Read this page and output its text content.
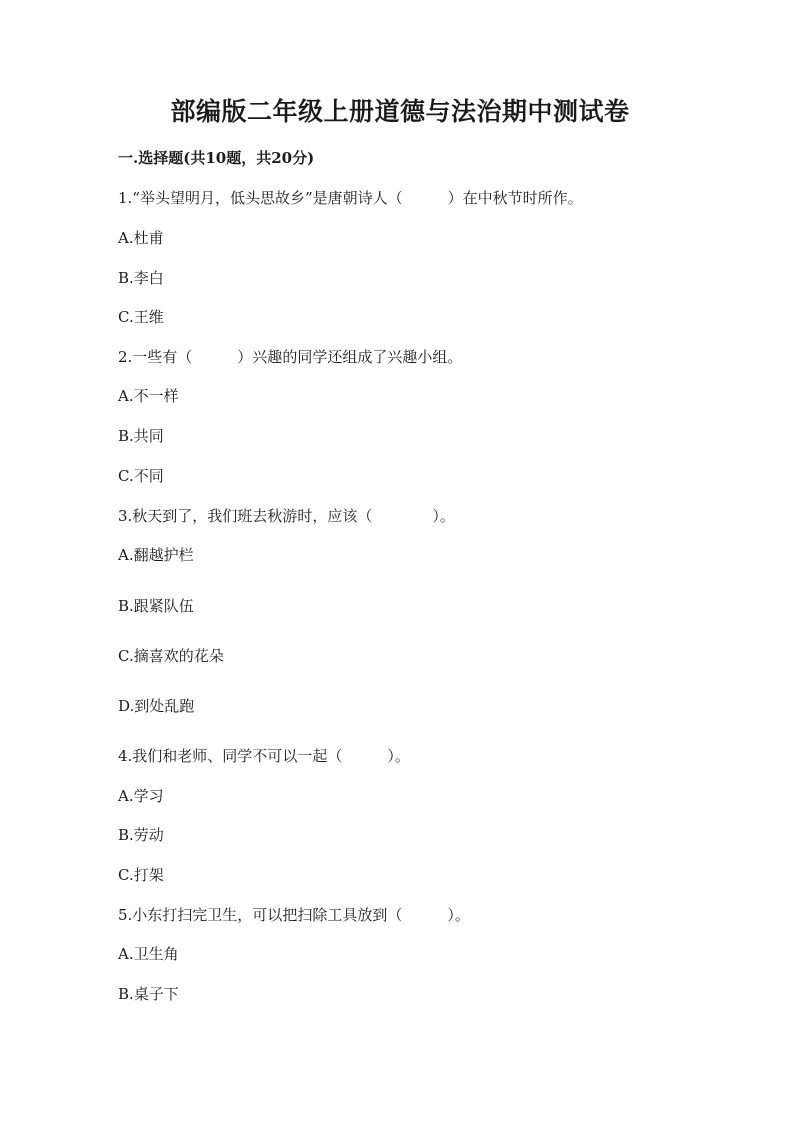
部编版二年级上册道德与法治期中测试卷
一.选择题(共10题，共20分)
1.“举头望明月，低头思故乡”是唐朝诗人（　　　）在中秋节时所作。
A.杜甫
B.李白
C.王维
2.一些有（　　　）兴趣的同学还组成了兴趣小组。
A.不一样
B.共同
C.不同
3.秋天到了，我们班去秋游时，应该（　　　　）。
A.翻越护栏
B.跟紧队伍
C.摘喜欢的花朵
D.到处乱跑
4.我们和老师、同学不可以一起（　　　）。
A.学习
B.劳动
C.打架
5.小东打扫完卫生，可以把扫除工具放到（　　　）。
A.卫生角
B.桌子下
